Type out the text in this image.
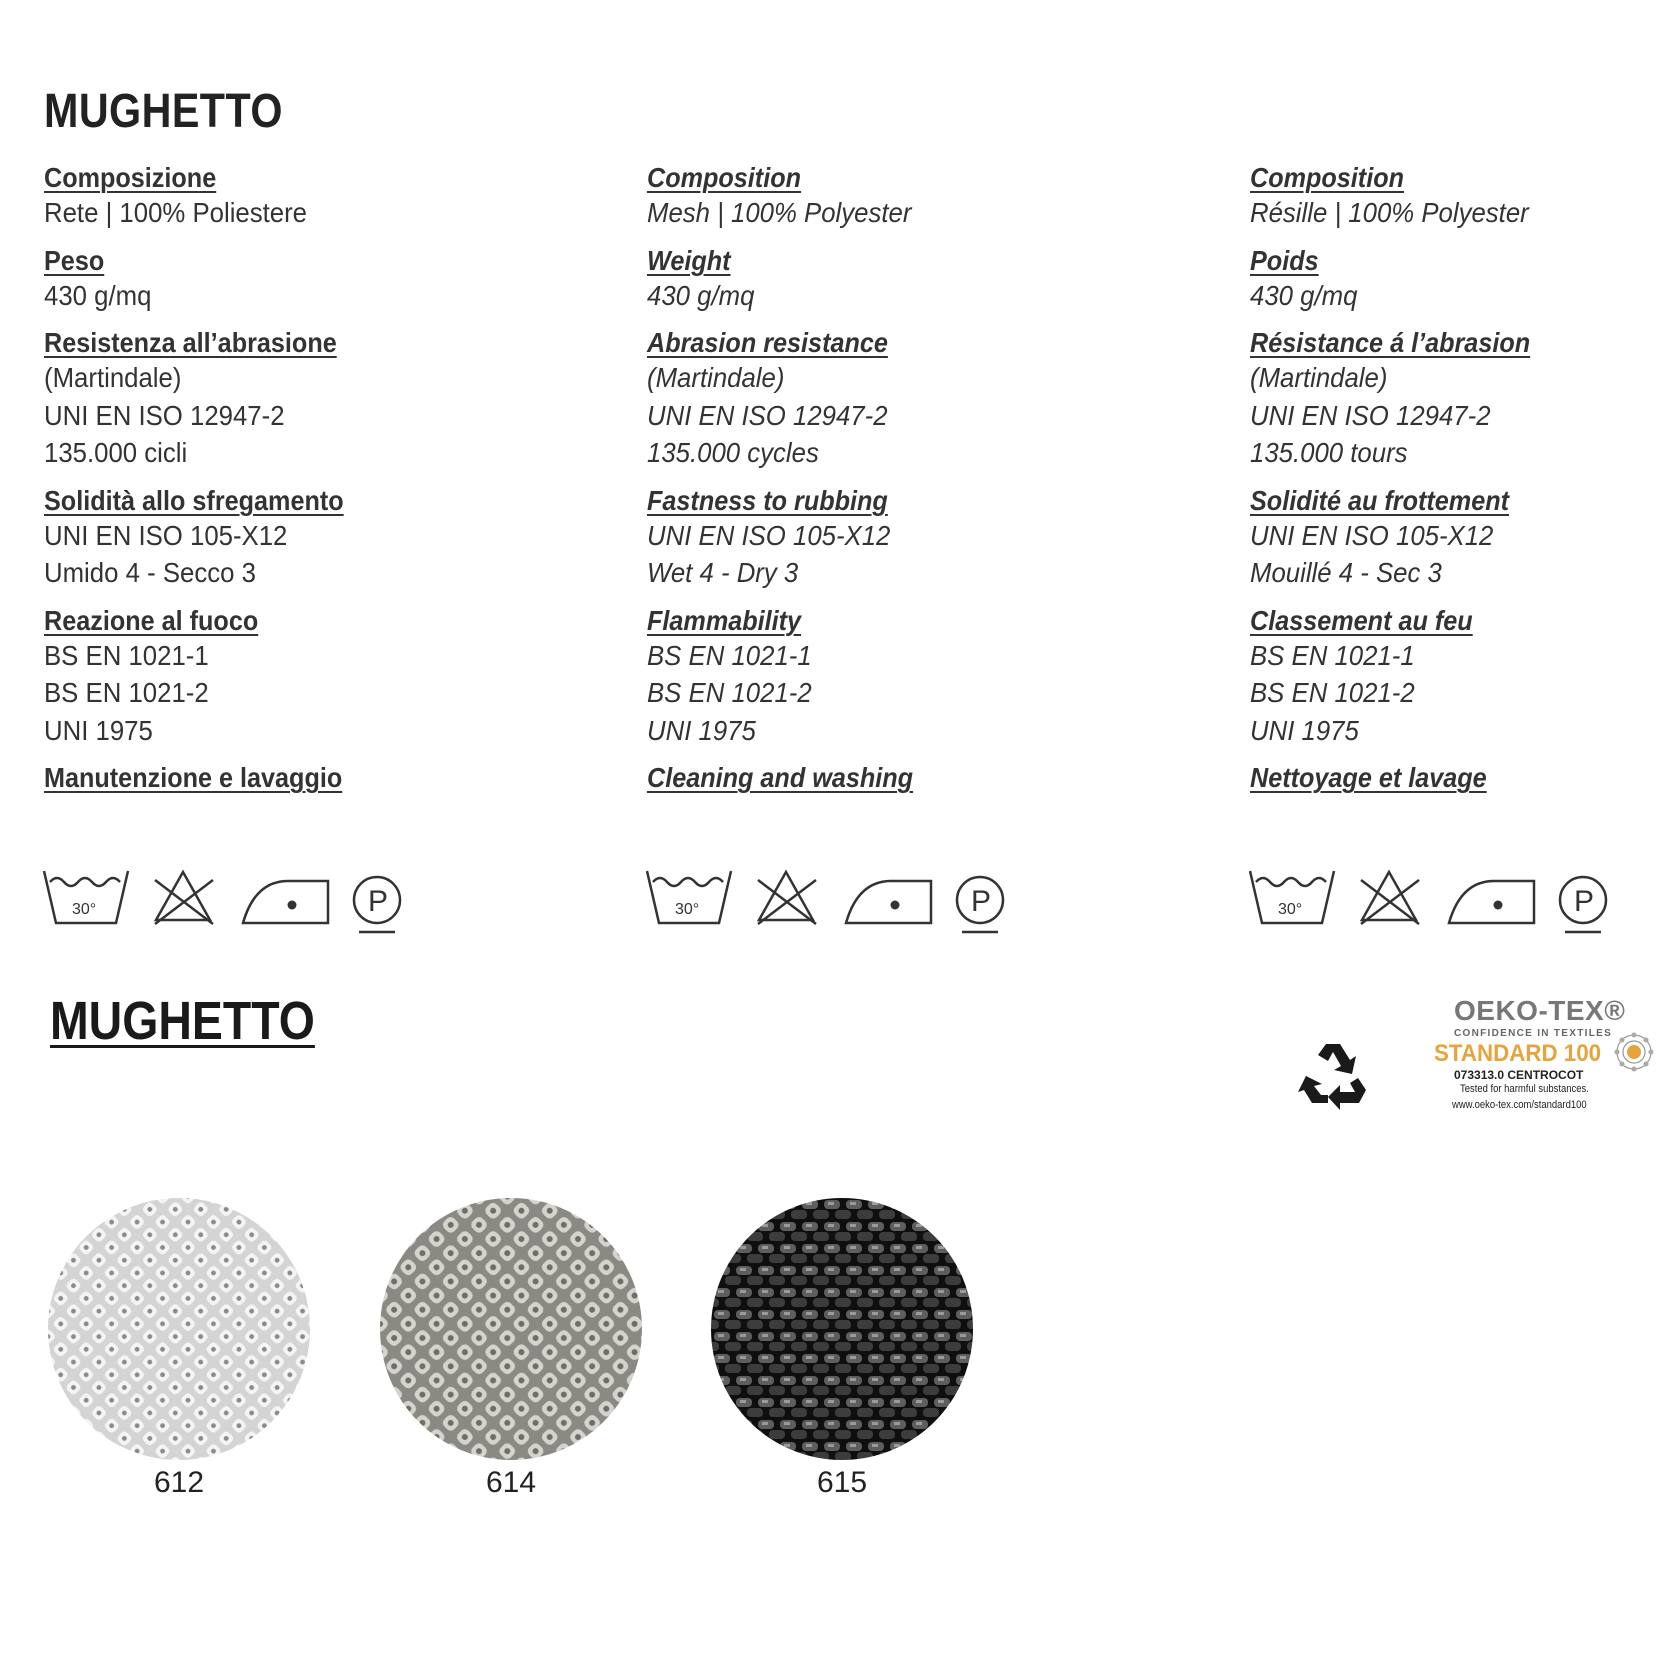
MUGHETTO
Composizione
Rete | 100% Poliestere
Peso
430 g/mq
Resistenza all’abrasione
(Martindale)
UNI EN ISO 12947-2
135.000 cicli
Solidità allo sfregamento
UNI EN ISO 105-X12
Umido 4 - Secco 3
Reazione al fuoco
BS EN 1021-1
BS EN 1021-2
UNI 1975
Manutenzione e lavaggio
Composition
Mesh | 100% Polyester
Weight
430 g/mq
Abrasion resistance
(Martindale)
UNI EN ISO 12947-2
135.000 cycles
Fastness to rubbing
UNI EN ISO 105-X12
Wet 4 - Dry 3
Flammability
BS EN 1021-1
BS EN 1021-2
UNI 1975
Cleaning and washing
Composition
Résille | 100% Polyester
Poids
430 g/mq
Résistance á l’abrasion
(Martindale)
UNI EN ISO 12947-2
135.000 tours
Solidité au frottement
UNI EN ISO 105-X12
Mouillé 4 - Sec 3
Classement au feu
BS EN 1021-1
BS EN 1021-2
UNI 1975
Nettoyage et lavage
30°	P	30°	P	30°	P
MUGHETTO	OEKO-TEX®
CONFIDENCE IN TEXTILES
STANDARD 100
073313.0 CENTROCOT
Tested for harmful substances.
www.oeko-tex.com/standard100
612	614	615
